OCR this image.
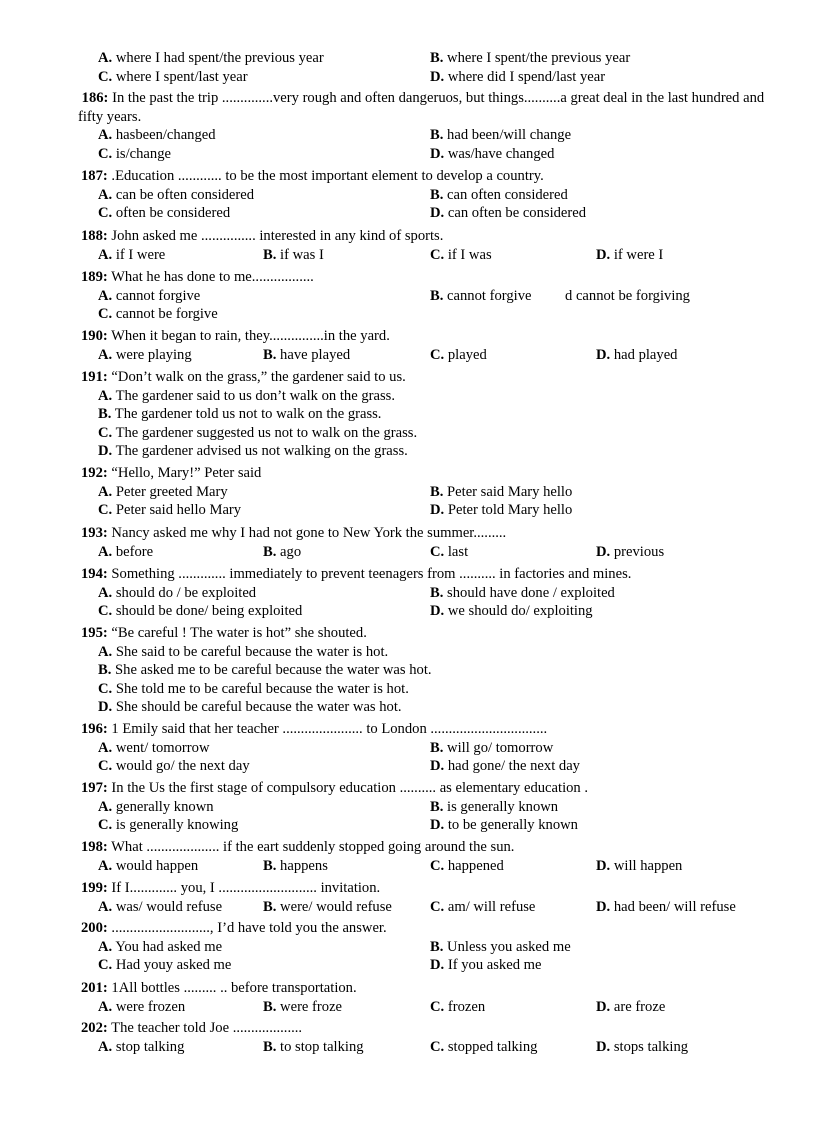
A. where I had spent/the previous year	B. where I spent/the previous year
C. where I spent/last year	D. where did I spend/last year
186: In the past the trip ..............very rough and often dangeruos, but things..........a great deal in the last hundred and fifty years.
A. hasbeen/changed	B. had been/will change
C. is/change	D. was/have changed
187: .Education ............ to be the most important element to develop a country.
A. can be often considered	B. can often considered
C. often be considered	D. can often be considered
188: John asked me ............... interested in any kind of sports.
A. if I were	B. if was I	C. if I was	D. if were I
189: What he has done to me.................
A. cannot forgive	B. cannot forgive d cannot be forgiving
C. cannot be forgive
190: When it began to rain, they...............in the yard.
A. were playing	B. have played	C. played	D. had played
191: “Don’t walk on the grass,” the gardener said to us.
A. The gardener said to us don’t walk on the grass.
B. The gardener told us not to walk on the grass.
C. The gardener suggested us not to walk on the grass.
D. The gardener advised us not walking on the grass.
192: “Hello, Mary!” Peter said
A. Peter greeted Mary	B. Peter said Mary hello
C. Peter said hello Mary	D. Peter told Mary hello
193: Nancy asked me why I had not gone to New York the summer.........
A. before	B. ago	C. last	D. previous
194: Something ............. immediately to prevent teenagers from .......... in factories and mines.
A. should do / be exploited	B. should have done / exploited
C. should be done/ being exploited	D. we should do/ exploiting
195: “Be careful ! The water is hot” she shouted.
A. She said to be careful because the water is hot.
B. She asked me to be careful because the water was hot.
C. She told me to be careful because the water is hot.
D. She should be careful because the water was hot.
196: 1 Emily said that her teacher ...................... to London ................................
A. went/ tomorrow	B. will go/ tomorrow
C. would go/ the next day	D. had gone/ the next day
197: In the Us the first stage of compulsory education .......... as elementary education .
A. generally known	B. is generally known
C. is generally knowing	D. to be generally known
198: What .................... if the eart suddenly stopped going around the sun.
A. would happen	B. happens	C. happened	D. will happen
199: If I............. you, I ........................... invitation.
A. was/ would refuse	B. were/ would refuse	C. am/ will refuse	D. had been/ will refuse
200: ..........................., I’d have told you the answer.
A. You had asked me	B. Unless you asked me
C. Had youy asked me	D. If you asked me
201: 1All bottles ......... .. before transportation.
A. were frozen	B. were froze	C. frozen	D. are froze
202: The teacher told Joe ...................
A. stop talking	B. to stop talking	C. stopped talking	D. stops talking
